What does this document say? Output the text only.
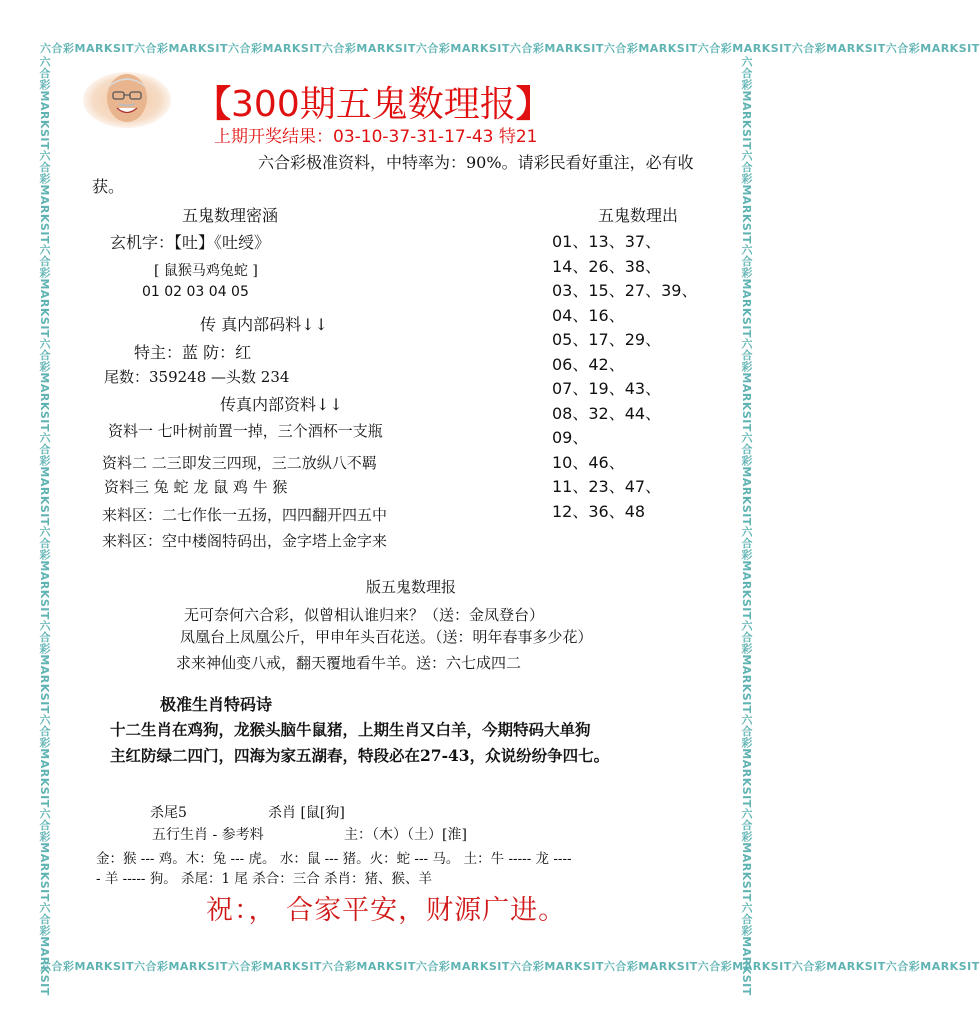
六合彩MARKSIT六合彩MARKSIT六合彩MARKSIT六合彩MARKSIT六合彩MARKSIT六合彩MARKSIT六合彩MARKSIT六合彩MARKSIT六合彩MARKSIT六合彩MARKSIT
六合彩MARKSIT六合彩MARKSIT六合彩MARKSIT六合彩MARKSIT六合彩MARKSIT六合彩MARKSIT六合彩MARKSIT六合彩MARKSIT六合彩MARKSIT六合彩MARKSIT
六合彩MARKSIT六合彩MARKSIT六合彩MARKSIT六合彩MARKSIT六合彩MARKSIT六合彩MARKSIT六合彩MARKSIT六合彩MARKSIT六合彩MARKSIT六合彩MARKSIT	六合彩MARKSIT六合彩MARKSIT六合彩MARKSIT六合彩MARKSIT六合彩MARKSIT六合彩MARKSIT六合彩MARKSIT六合彩MARKSIT六合彩MARKSIT六合彩MARKSIT
【300期五鬼数理报】
上期开奖结果：03-10-37-31-17-43 特21
六合彩极准资料，中特率为：90%。请彩民看好重注，必有收
获。
五鬼数理密涵
玄机字：【吐】《吐绶》
[ 鼠猴马鸡兔蛇 ]
01 02 03 04 05
传 真内部码料↓↓
特主：蓝 防：红
尾数：359248 —头数 234
传真内部资料↓↓
资料一 七叶树前置一掉，三个酒杯一支瓶
资料二 二三即发三四现，三二放纵八不羁
资料三 兔 蛇 龙 鼠 鸡 牛 猴
来料区：二七作伥一五扬，四四翻开四五中
来料区：空中楼阁特码出，金字塔上金字来
五鬼数理出
01、13、37、
14、26、38、
03、15、27、39、
04、16、
05、17、29、
06、42、
07、19、43、
08、32、44、
09、
10、46、
11、23、47、
12、36、48
版五鬼数理报
无可奈何六合彩，似曾相认谁归来？（送：金凤登台）
凤凰台上凤凰公斤，甲申年头百花送。（送：明年春事多少花）
求来神仙变八戒，翻天覆地看牛羊。送：六七成四二
极准生肖特码诗
十二生肖在鸡狗，龙猴头脑牛鼠猪，上期生肖又白羊，今期特码大单狗
主红防绿二四门，四海为家五湖春，特段必在27-43，众说纷纷争四七。
杀尾5	杀肖 [鼠[狗]
五行生肖 - 参考料	主：（木）（土）[淮]
金：猴 --- 鸡。木：兔 --- 虎。 水：鼠 --- 猪。火：蛇 --- 马。 土：牛 ----- 龙 ----
- 羊 ----- 狗。 杀尾：1 尾 杀合：三合 杀肖：猪、猴、羊
祝：， 合家平安，财源广进。
